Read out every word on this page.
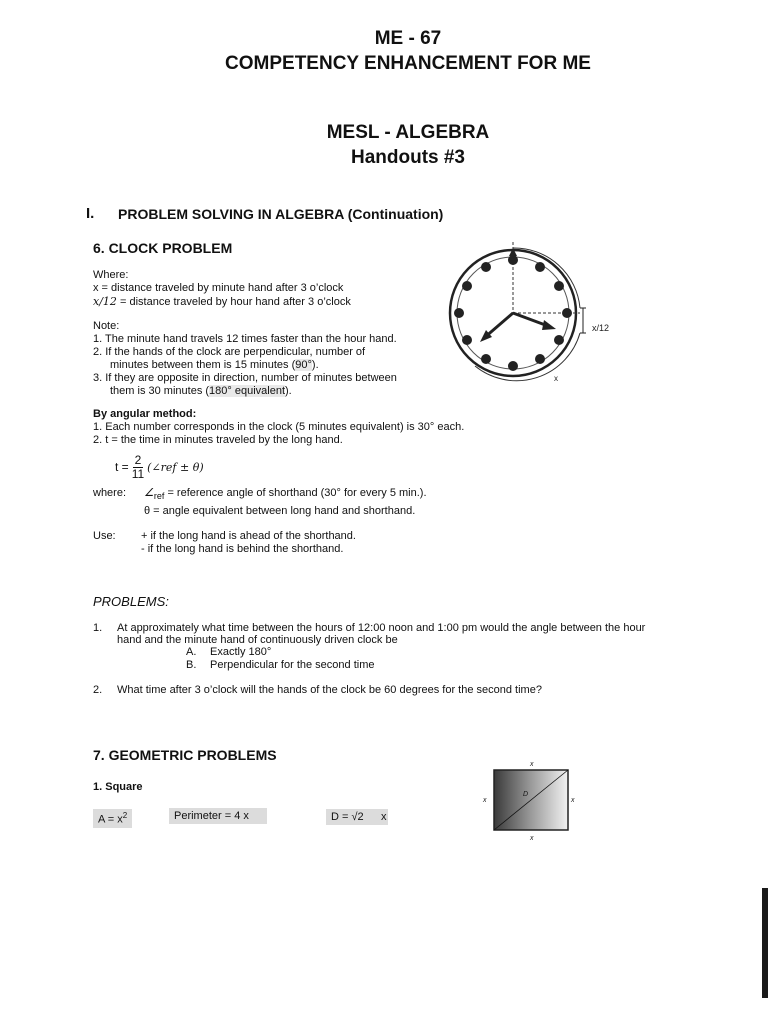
ME - 67
COMPETENCY ENHANCEMENT FOR ME
MESL - ALGEBRA
Handouts #3
I. PROBLEM SOLVING IN ALGEBRA (Continuation)
6. CLOCK PROBLEM
Where:
x = distance traveled by minute hand after 3 o’clock
x/12 = distance traveled by hour hand after 3 o’clock
Note:
1. The minute hand travels 12 times faster than the hour hand.
2. If the hands of the clock are perpendicular, number of
minutes between them is 15 minutes (90°).
3. If they are opposite in direction, number of minutes between
them is 30 minutes (180° equivalent).
By angular method:
1. Each number corresponds in the clock (5 minutes equivalent) is 30° each.
2. t = the time in minutes traveled by the long hand.
$t = \frac{2}{11}$ (∠ref ± θ)
where: $\angle_{ref}$ = reference angle of shorthand (30° for every 5 min.).
θ = angle equivalent between long hand and shorthand.
Use: + if the long hand is ahead of the shorthand.
- if the long hand is behind the shorthand.
x/12
x
PROBLEMS:
1. At approximately what time between the hours of 12:00 noon and 1:00 pm would the angle between the hour
hand and the minute hand of continuously driven clock be
A. Exactly 180°
B. Perpendicular for the second time
2. What time after 3 o’clock will the hands of the clock be 60 degrees for the second time?
7. GEOMETRIC PROBLEMS
1. Square
$A = x^2$	Perimeter = 4 x	D = √2	x
x
x	x
x
D
